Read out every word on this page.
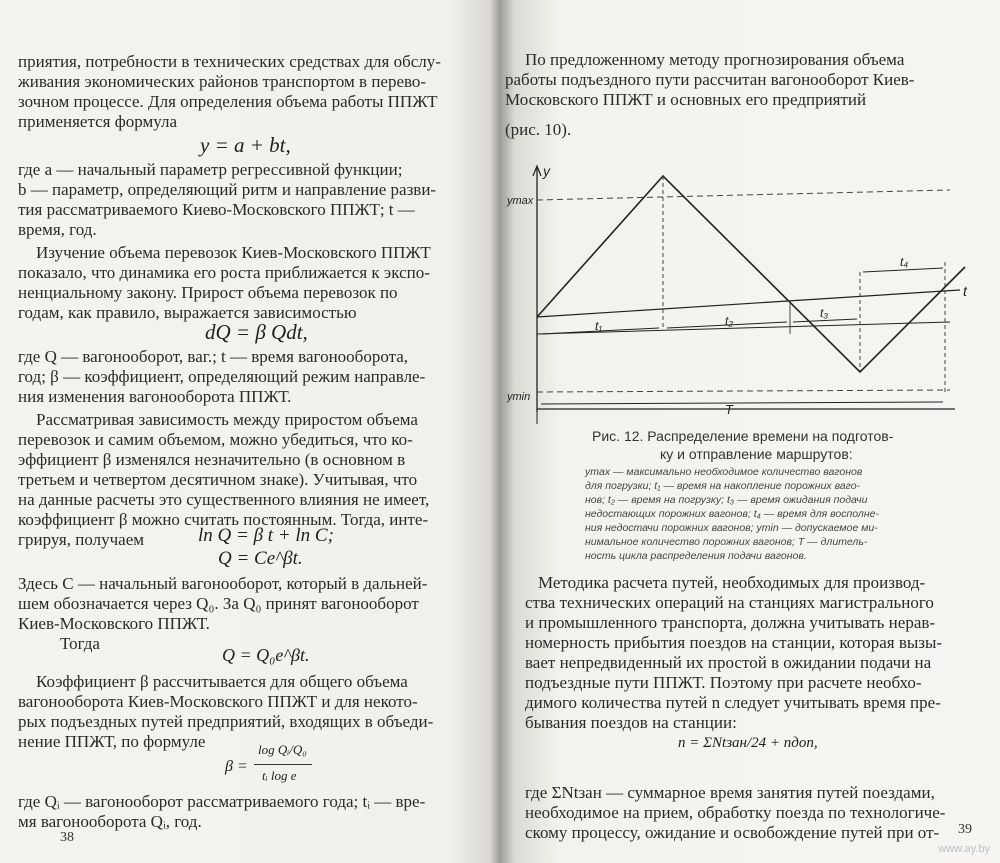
приятия, потребности в технических средствах для обслу-
живания экономических районов транспортом в перево-
зочном процессе. Для определения объема работы ППЖТ
применяется формула
y = a + bt,
где a — начальный параметр регрессивной функции;
b — параметр, определяющий ритм и направление разви-
тия рассматриваемого Киево-Московского ППЖТ; t —
время, год.
Изучение объема перевозок Киев-Московского ППЖТ
показало, что динамика его роста приближается к экспо-
ненциальному закону. Прирост объема перевозок по
годам, как правило, выражается зависимостью
dQ = β Qdt,
где Q — вагонооборот, ваг.; t — время вагонооборота,
год; β — коэффициент, определяющий режим направле-
ния изменения вагонооборота ППЖТ.
Рассматривая зависимость между приростом объема
перевозок и самим объемом, можно убедиться, что ко-
эффициент β изменялся незначительно (в основном в
третьем и четвертом десятичном знаке). Учитывая, что
на данные расчеты это существенного влияния не имеет,
коэффициент β можно считать постоянным. Тогда, инте-
грируя, получаем	ln Q = β t + ln C;
Q = Ce^βt.
Здесь C — начальный вагонооборот, который в дальней-
шем обозначается через Q₀. За Q₀ принят вагонооборот
Киев-Московского ППЖТ.
Тогда
Q = Q₀e^βt.
Коэффициент β рассчитывается для общего объема
вагонооборота Киев-Московского ППЖТ и для некото-
рых подъездных путей предприятий, входящих в объеди-
нение ППЖТ, по формуле
β =
log Qᵢ/Q₀
tᵢ log e
где Qᵢ — вагонооборот рассматриваемого года; tᵢ — вре-
мя вагонооборота Qᵢ, год.
38
По предложенному методу прогнозирования объема
работы подъездного пути рассчитан вагонооборот Киев-
Московского ППЖТ и основных его предприятий
(рис. 10).
y
ymax
ymin
t
T
t₁	t₂
t₃
t₄
Рис. 12. Распределение времени на подготов-
ку и отправление маршрутов:
ymax — максимально необходимое количество вагонов
для погрузки; t₁ — время на накопление порожних ваго-
нов; t₂ — время на погрузку; t₃ — время ожидания подачи
недостающих порожних вагонов; t₄ — время для восполне-
ния недостачи порожних вагонов; ymin — допускаемое ми-
нимальное количество порожних вагонов; T — длитель-
ность цикла распределения подачи вагонов.
Методика расчета путей, необходимых для производ-
ства технических операций на станциях магистрального
и промышленного транспорта, должна учитывать нерав-
номерность прибытия поездов на станции, которая вызы-
вает непредвиденный их простой в ожидании подачи на
подъездные пути ППЖТ. Поэтому при расчете необхо-
димого количества путей n следует учитывать время пре-
бывания поездов на станции:
n = ΣNtзан/24 + nдоп,
где ΣNtзан — суммарное время занятия путей поездами,
необходимое на прием, обработку поезда по технологиче-
скому процессу, ожидание и освобождение путей при от- 39
www.ay.by
